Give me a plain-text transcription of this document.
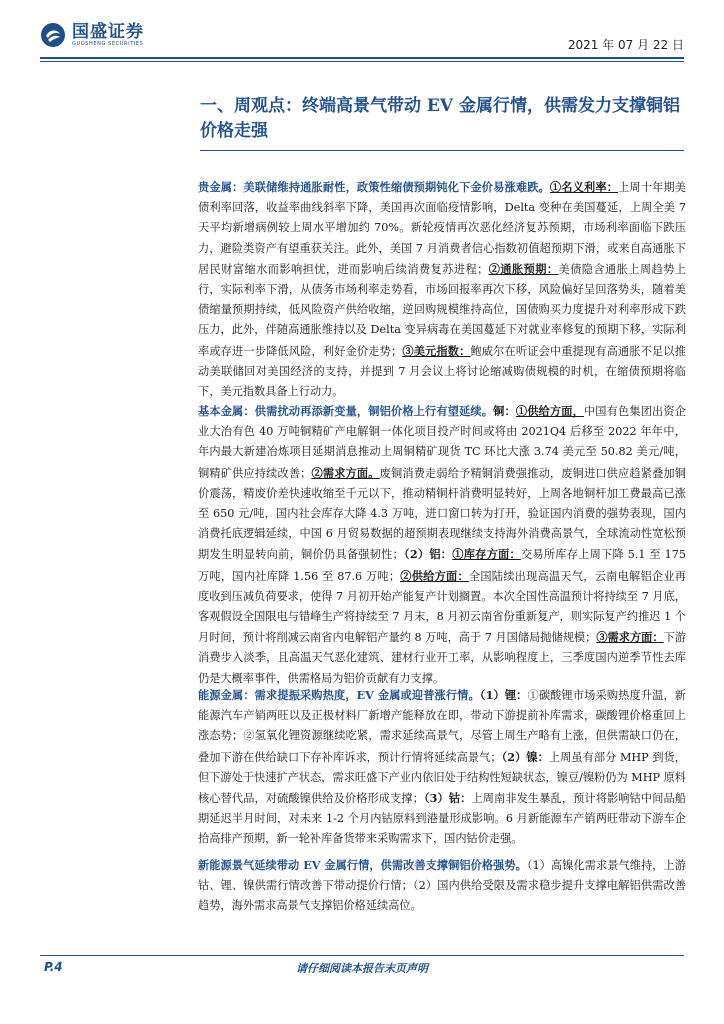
国盛证券
GUOSHENG SECURITIES	2021 年 07 月 22 日
一、周观点：终端高景气带动 EV 金属行情，供需发力支撑铜铝价格走强

贵金属：美联储维持通胀耐性，政策性缩债预期钝化下金价易涨难跌。①名义利率：上周十年期美债利率回落，收益率曲线斜率下降，美国再次面临疫情影响，Delta 变种在美国蔓延，上周全美 7 天平均新增病例较上周水平增加约 70%。新轮疫情再次恶化经济复苏预期，市场利率面临下跌压力，避险类资产有望重获关注。此外，美国 7 月消费者信心指数初值超预期下滑，或来自高通胀下居民财富缩水而影响担忧，进而影响后续消费复苏进程；②通胀预期：美债隐含通胀上周趋势上行，实际利率下滑，从债务市场利率走势看，市场回报率再次下移，风险偏好呈回落势头，随着美债缩量预期持续，低风险资产供给收缩，逆回购规模维持高位，国债购买力度提升对利率形成下跌压力，此外，伴随高通胀维持以及 Delta 变异病毒在美国蔓延下对就业率修复的预期下移，实际利率或存进一步降低风险，利好金价走势；③美元指数：鲍威尔在听证会中重提现有高通胀不足以推动美联储回对美国经济的支持，并提到 7 月会议上将讨论缩减购债规模的时机，在缩债预期将临下，美元指数具备上行动力。

基本金属：供需扰动再添新变量，铜铝价格上行有望延续。铜：①供给方面，中国有色集团出资企业大冶有色 40 万吨铜精矿产电解铜一体化项目投产时间或将由 2021Q4 后移至 2022 年年中，年内最大新建冶炼项目延期消息推动上周铜精矿现货 TC 环比大涨 3.74 美元至 50.82 美元/吨，铜精矿供应持续改善；②需求方面。废铜消费走弱给予精铜消费强推动，废铜进口供应趋紧叠加铜价震荡，精废价差快速收缩至千元以下，推动精铜杆消费明显转好，上周各地铜杆加工费最高已涨至 650 元/吨，国内社会库存大降 4.3 万吨，进口窗口转为打开，验证国内消费的强势表现，国内消费托底逻辑延续，中国 6 月贸易数据的超预期表现继续支持海外消费高景气，全球流动性宽松预期发生明显转向前，铜价仍具备强韧性；（2）铝：①库存方面：交易所库存上周下降 5.1 至 175 万吨，国内社库降 1.56 至 87.6 万吨；②供给方面：全国陆续出现高温天气，云南电解铝企业再度收到压减负荷要求，使得 7 月初开始产能复产计划搁置。本次全国性高温预计将持续至 7 月底，客观假设全国限电与错峰生产将持续至 7 月末，8 月初云南省份重新复产，则实际复产约推迟 1 个月时间，预计将削减云南省内电解铝产量约 8 万吨，高于 7 月国储局抛储规模；③需求方面：下游消费步入淡季，且高温天气恶化建筑、建材行业开工率，从影响程度上，三季度国内逆季节性去库仍是大概率事件，供需格局为铝价贡献有力支撑。

能源金属：需求提振采购热度，EV 金属或迎普涨行情。（1）锂：①碳酸锂市场采购热度升温，新能源汽车产销两旺以及正极材料厂新增产能释放在即，带动下游提前补库需求，碳酸锂价格重回上涨态势；②氢氧化锂资源继续吃紧，需求延续高景气，尽管上周生产略有上涨，但供需缺口仍在，叠加下游在供给缺口下存补库诉求，预计行情将延续高景气；（2）镍：上周虽有部分 MHP 到货，但下游处于快速扩产状态，需求旺盛下产业内依旧处于结构性短缺状态，镍豆/镍粉仍为 MHP 原料核心替代品，对硫酸镍供给及价格形成支撑；（3）钴：上周南非发生暴乱，预计将影响钴中间品船期延迟半月时间，对未来 1-2 个月内钴原料到港量形成影响。6 月新能源车产销两旺带动下游车企拾高排产预期，新一轮补库备货带来采购需求下，国内钴价走强。

新能源景气延续带动 EV 金属行情，供需改善支撑铜铝价格强势。（1）高镍化需求景气维持，上游钴、锂、镍供需行情改善下带动提价行情；（2）国内供给受限及需求稳步提升支撑电解铝供需改善趋势，海外需求高景气支撑铝价格延续高位。

P.4	请仔细阅读本报告末页声明
